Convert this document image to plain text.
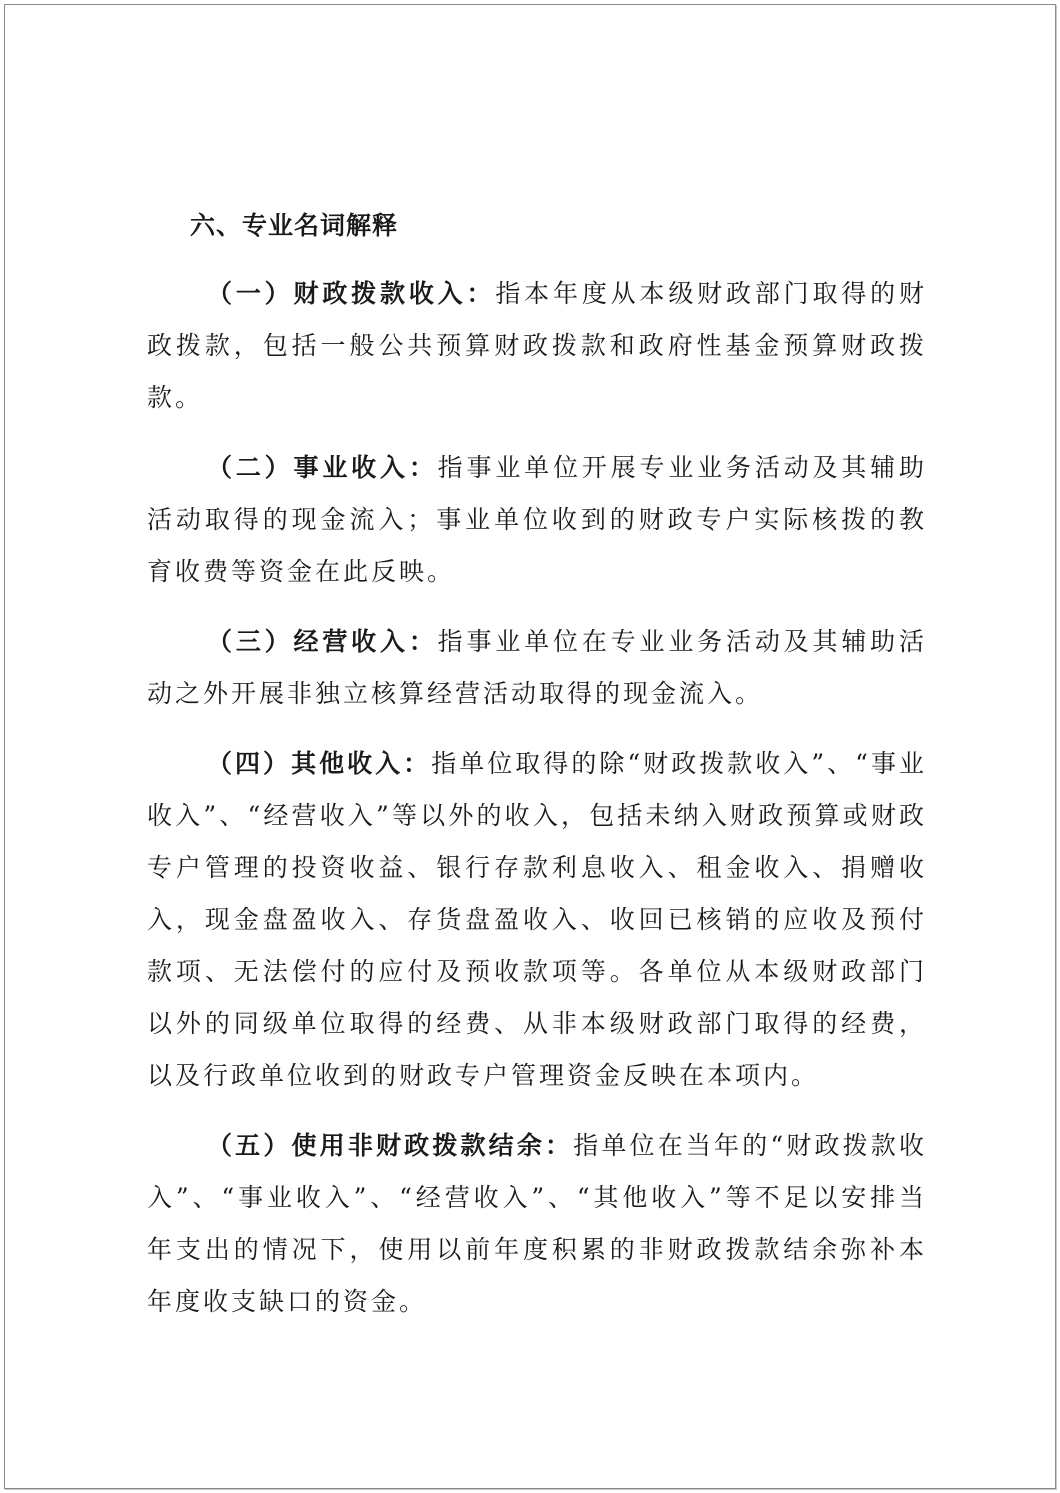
六、专业名词解释

（一）财政拨款收入：指本年度从本级财政部门取得的财政拨款，包括一般公共预算财政拨款和政府性基金预算财政拨款。

（二）事业收入：指事业单位开展专业业务活动及其辅助活动取得的现金流入；事业单位收到的财政专户实际核拨的教育收费等资金在此反映。

（三）经营收入：指事业单位在专业业务活动及其辅助活动之外开展非独立核算经营活动取得的现金流入。

（四）其他收入：指单位取得的除“财政拨款收入”、“事业收入”、“经营收入”等以外的收入，包括未纳入财政预算或财政专户管理的投资收益、银行存款利息收入、租金收入、捐赠收入，现金盘盈收入、存货盘盈收入、收回已核销的应收及预付款项、无法偿付的应付及预收款项等。各单位从本级财政部门以外的同级单位取得的经费、从非本级财政部门取得的经费，以及行政单位收到的财政专户管理资金反映在本项内。

（五）使用非财政拨款结余：指单位在当年的“财政拨款收入”、“事业收入”、“经营收入”、“其他收入”等不足以安排当年支出的情况下，使用以前年度积累的非财政拨款结余弥补本年度收支缺口的资金。
